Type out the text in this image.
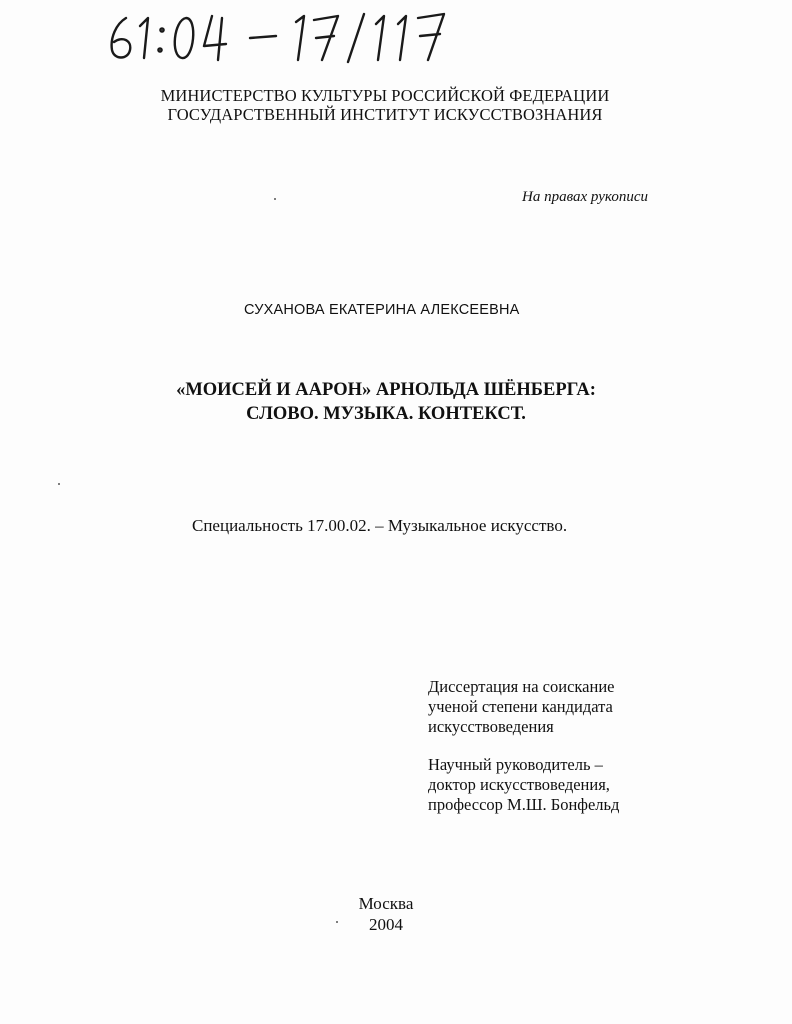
МИНИСТЕРСТВО КУЛЬТУРЫ РОССИЙСКОЙ ФЕДЕРАЦИИ
ГОСУДАРСТВЕННЫЙ ИНСТИТУТ ИСКУССТВОЗНАНИЯ
На правах рукописи
СУХАНОВА ЕКАТЕРИНА АЛЕКСЕЕВНА
«МОИСЕЙ И ААРОН» АРНОЛЬДА ШЁНБЕРГА:
СЛОВО. МУЗЫКА. КОНТЕКСТ.
Специальность 17.00.02. – Музыкальное искусство.
Диссертация на соискание
ученой степени кандидата
искусствоведения
Научный руководитель –
доктор искусствоведения,
профессор М.Ш. Бонфельд
Москва
2004
